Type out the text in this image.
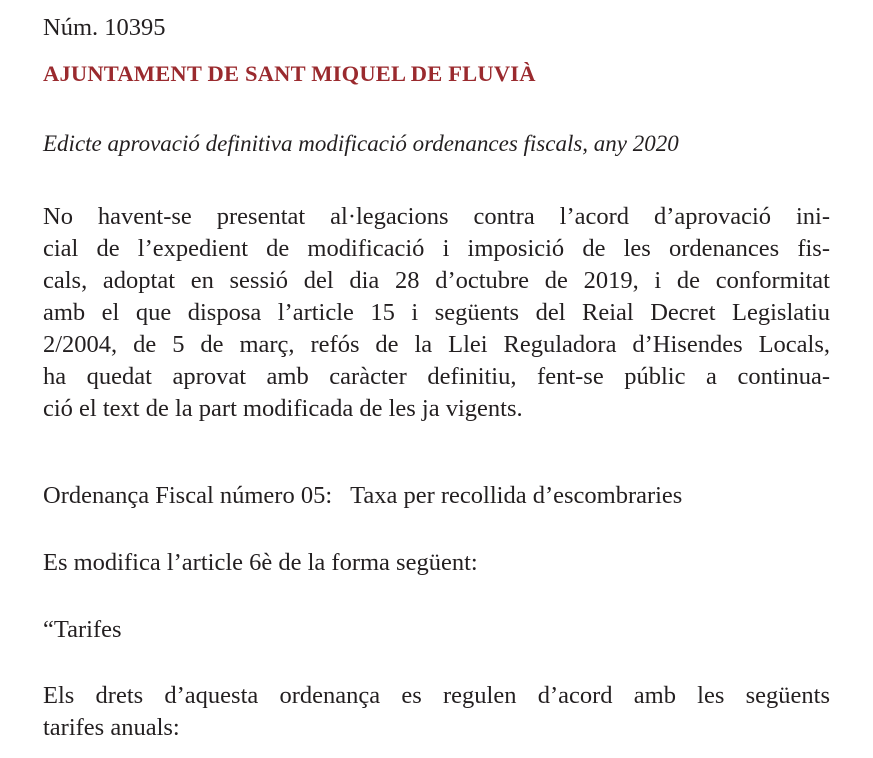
Núm. 10395
AJUNTAMENT DE SANT MIQUEL DE FLUVIÀ
Edicte aprovació definitiva modificació ordenances fiscals, any 2020
No havent-se presentat al·legacions contra l’acord d’aprovació ini-
cial de l’expedient de modificació i imposició de les ordenances fis-
cals, adoptat en sessió del dia 28 d’octubre de 2019, i de conformitat
amb el que disposa l’article 15 i següents del Reial Decret Legislatiu
2/2004, de 5 de març, refós de la Llei Reguladora d’Hisendes Locals,
ha quedat aprovat amb caràcter definitiu, fent-se públic a continua-
ció el text de la part modificada de les ja vigents.
Ordenança Fiscal número 05:   Taxa per recollida d’escombraries
Es modifica l’article 6è de la forma següent:
“Tarifes
Els drets d’aquesta ordenança es regulen d’acord amb les següents
tarifes anuals:
